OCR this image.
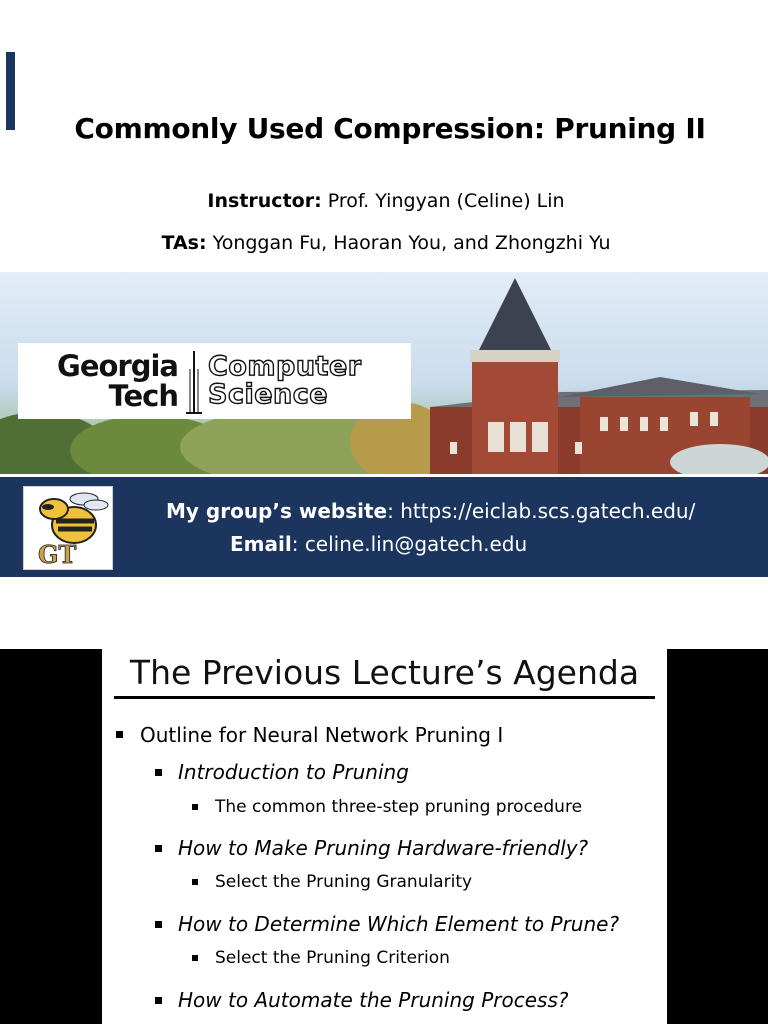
Commonly Used Compression: Pruning II
Instructor: Prof. Yingyan (Celine) Lin
TAs: Yonggan Fu, Haoran You, and Zhongzhi Yu
Georgia
Tech
Computer
Science
GT
My group’s website: https://eiclab.scs.gatech.edu/
Email: celine.lin@gatech.edu
The Previous Lecture’s Agenda
Outline for Neural Network Pruning I
Introduction to Pruning
The common three-step pruning procedure
How to Make Pruning Hardware-friendly?
Select the Pruning Granularity
How to Determine Which Element to Prune?
Select the Pruning Criterion
How to Automate the Pruning Process?
